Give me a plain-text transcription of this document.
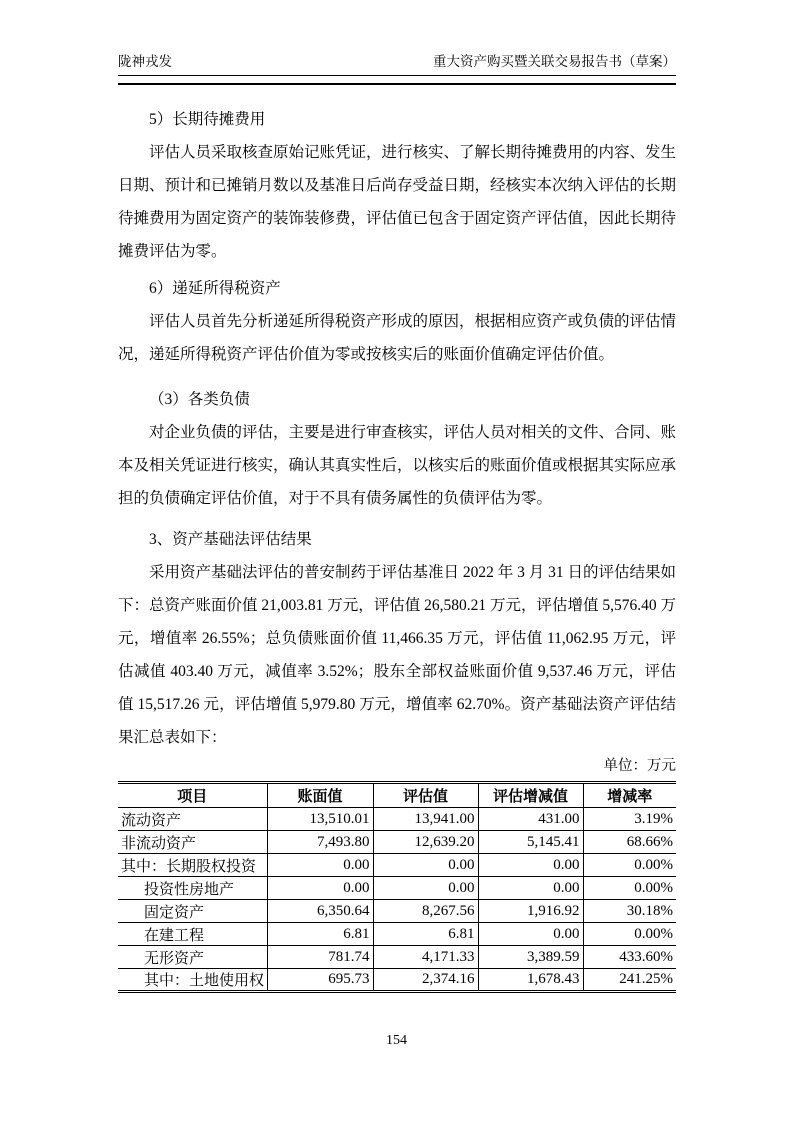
陇神戎发	重大资产购买暨关联交易报告书（草案）
5）长期待摊费用

评估人员采取核查原始记账凭证，进行核实、了解长期待摊费用的内容、发生日期、预计和已摊销月数以及基准日后尚存受益日期，经核实本次纳入评估的长期待摊费用为固定资产的装饰装修费，评估值已包含于固定资产评估值，因此长期待摊费评估为零。

6）递延所得税资产

评估人员首先分析递延所得税资产形成的原因，根据相应资产或负债的评估情况，递延所得税资产评估价值为零或按核实后的账面价值确定评估价值。

（3）各类负债

对企业负债的评估，主要是进行审查核实，评估人员对相关的文件、合同、账本及相关凭证进行核实，确认其真实性后，以核实后的账面价值或根据其实际应承担的负债确定评估价值，对于不具有债务属性的负债评估为零。

3、资产基础法评估结果

采用资产基础法评估的普安制药于评估基准日 2022 年 3 月 31 日的评估结果如下：总资产账面价值 21,003.81 万元，评估值 26,580.21 万元，评估增值 5,576.40 万元，增值率 26.55%；总负债账面价值 11,466.35 万元，评估值 11,062.95 万元，评估减值 403.40 万元，减值率 3.52%；股东全部权益账面价值 9,537.46 万元，评估值 15,517.26 元，评估增值 5,979.80 万元，增值率 62.70%。资产基础法资产评估结果汇总表如下：

单位：万元
项目	账面值	评估值	评估增减值	增减率
流动资产	13,510.01	13,941.00	431.00	3.19%
非流动资产	7,493.80	12,639.20	5,145.41	68.66%
其中：长期股权投资	0.00	0.00	0.00	0.00%
投资性房地产	0.00	0.00	0.00	0.00%
固定资产	6,350.64	8,267.56	1,916.92	30.18%
在建工程	6.81	6.81	0.00	0.00%
无形资产	781.74	4,171.33	3,389.59	433.60%
其中：土地使用权	695.73	2,374.16	1,678.43	241.25%
154
